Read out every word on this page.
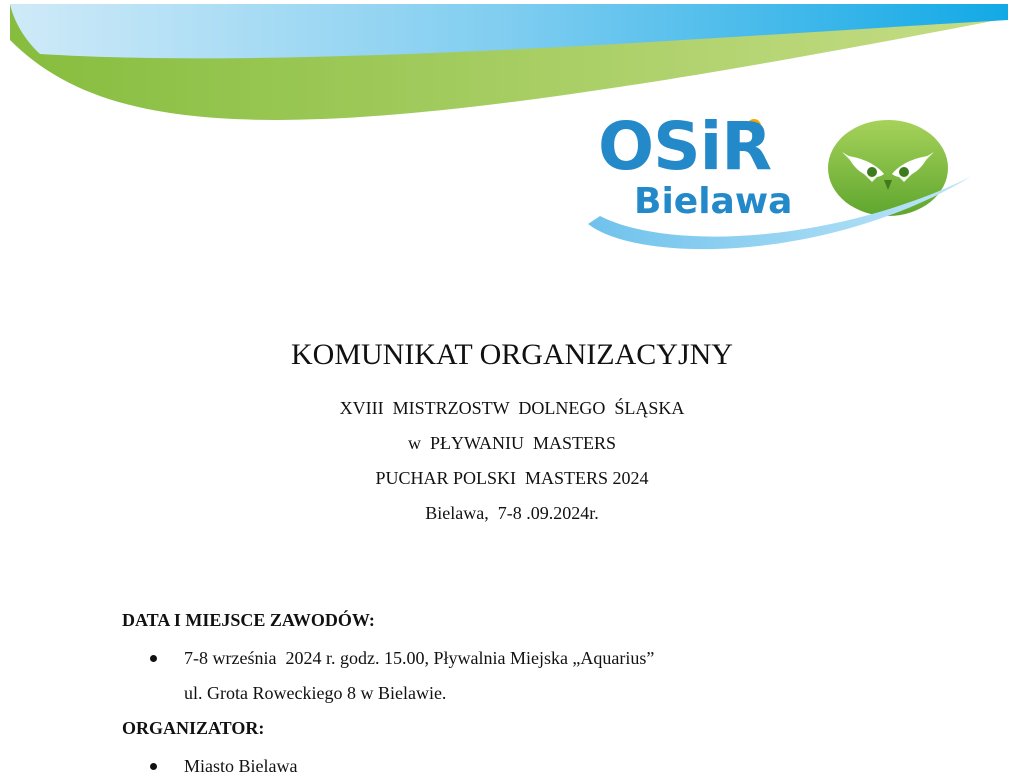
OSiR
Bielawa
KOMUNIKAT ORGANIZACYJNY

XVIII  MISTRZOSTW  DOLNEGO  ŚLĄSKA

w  PŁYWANIU  MASTERS

PUCHAR POLSKI  MASTERS 2024

Bielawa,  7-8 .09.2024r.

DATA I MIEJSCE ZAWODÓW:

7-8 września  2024 r. godz. 15.00, Pływalnia Miejska „Aquarius”
ul. Grota Roweckiego 8 w Bielawie.

ORGANIZATOR:

Miasto Bielawa
